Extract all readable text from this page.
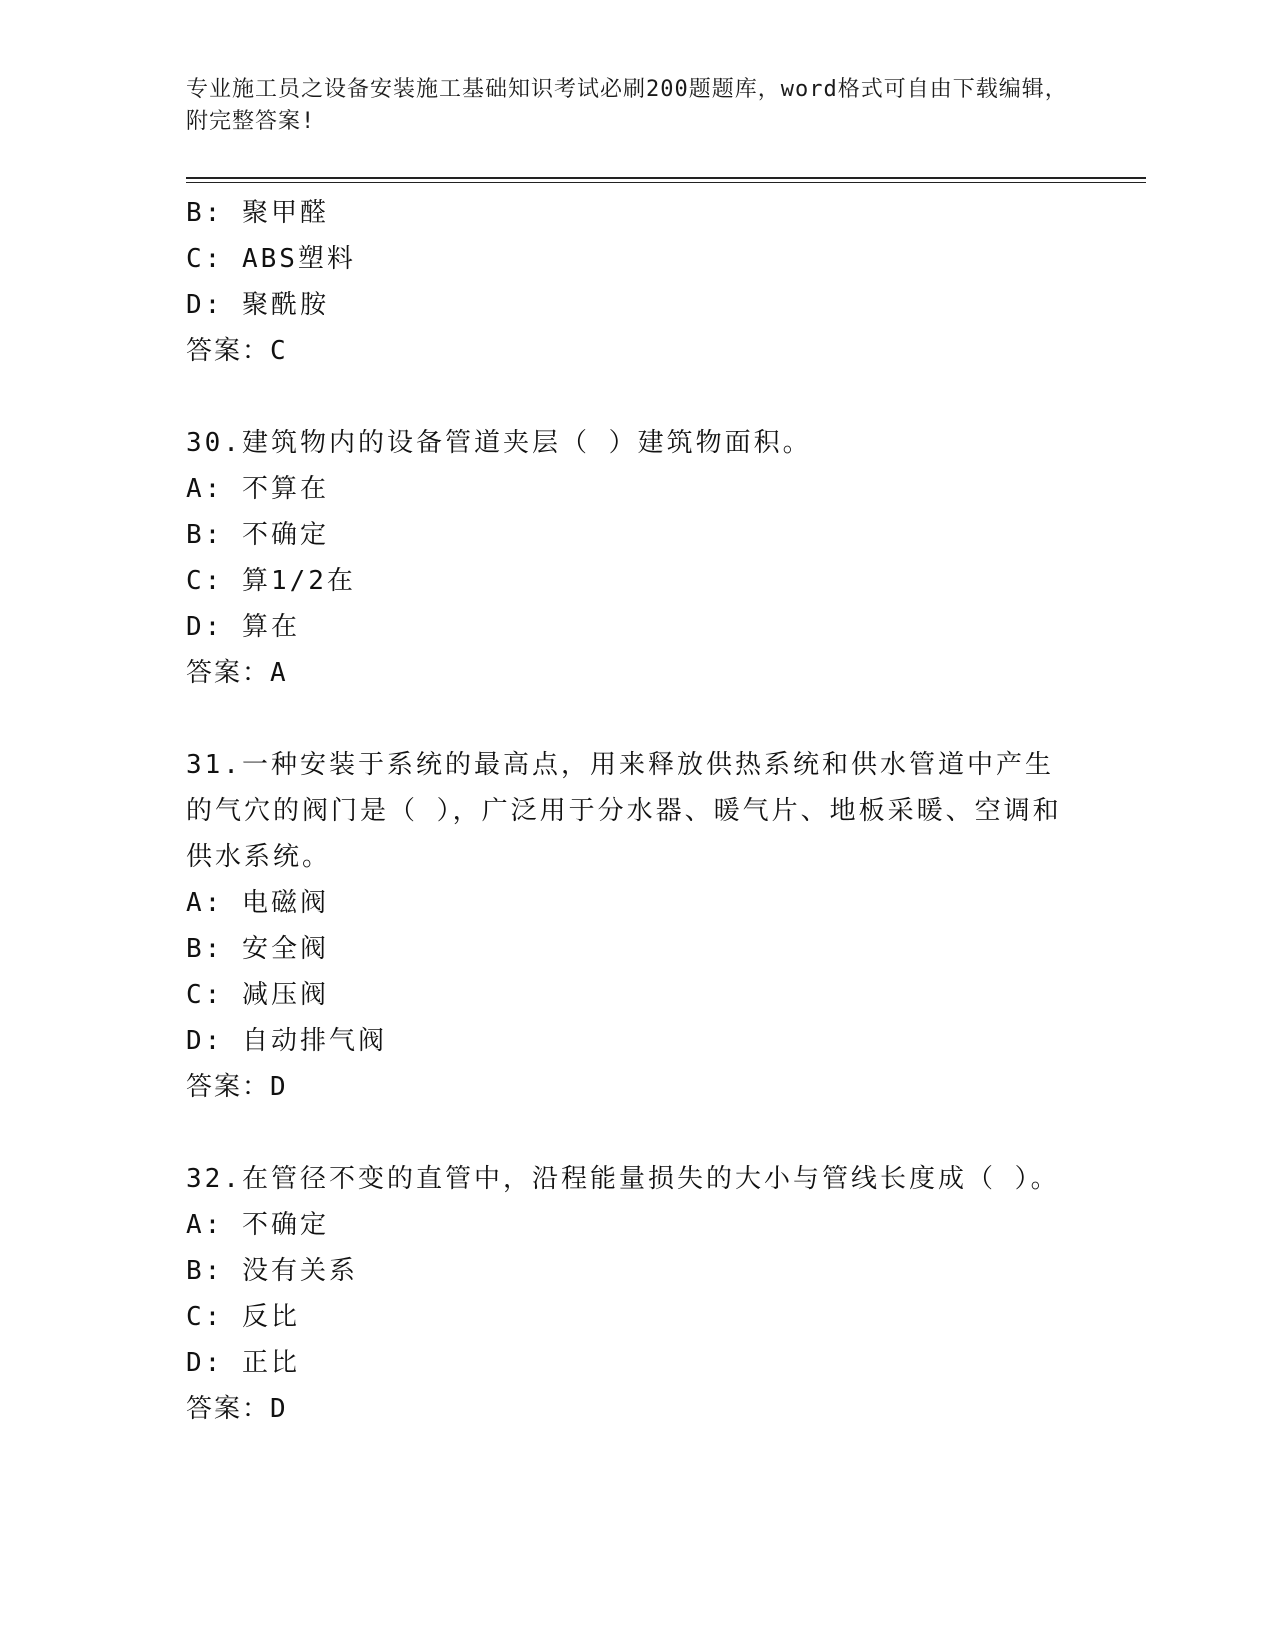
专业施工员之设备安装施工基础知识考试必刷200题题库，word格式可自由下载编辑，附完整答案!
B: 聚甲醛
C: ABS塑料
D: 聚酰胺
答案：C
30.建筑物内的设备管道夹层（ ）建筑物面积。
A: 不算在
B: 不确定
C: 算1/2在
D: 算在
答案：A
31.一种安装于系统的最高点，用来释放供热系统和供水管道中产生的气穴的阀门是（ ），广泛用于分水器、暖气片、地板采暖、空调和供水系统。
A: 电磁阀
B: 安全阀
C: 减压阀
D: 自动排气阀
答案：D
32.在管径不变的直管中，沿程能量损失的大小与管线长度成（ ）。
A: 不确定
B: 没有关系
C: 反比
D: 正比
答案：D
